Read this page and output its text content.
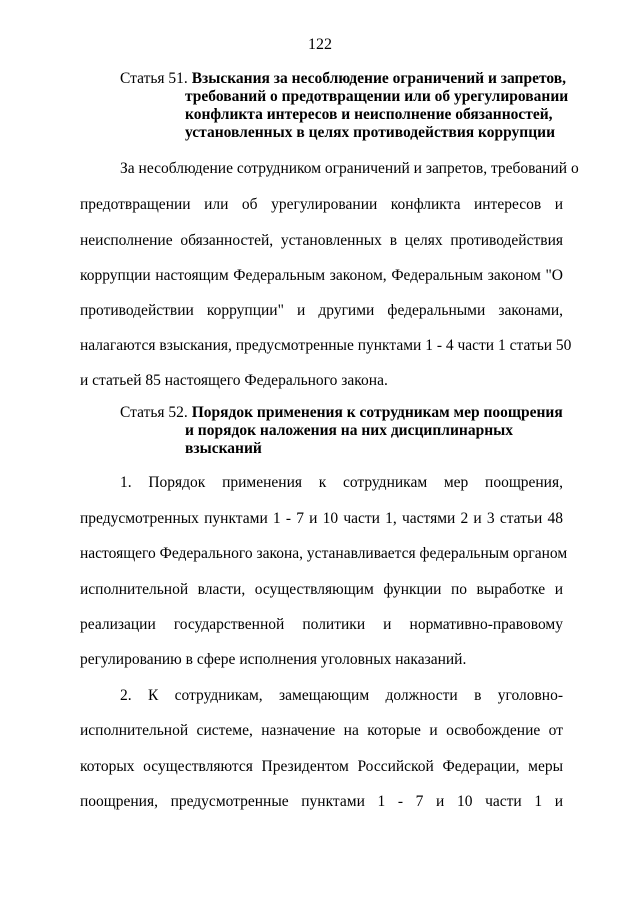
122
Статья 51. Взыскания за несоблюдение ограничений и запретов,
требований о предотвращении или об урегулировании
конфликта интересов и неисполнение обязанностей,
установленных в целях противодействия коррупции
За несоблюдение сотрудником ограничений и запретов, требований о
предотвращении или об урегулировании конфликта интересов и
неисполнение обязанностей, установленных в целях противодействия
коррупции настоящим Федеральным законом, Федеральным законом "О
противодействии коррупции" и другими федеральными законами,
налагаются взыскания, предусмотренные пунктами 1 - 4 части 1 статьи 50
и статьей 85 настоящего Федерального закона.
Статья 52. Порядок применения к сотрудникам мер поощрения
и порядок наложения на них дисциплинарных
взысканий
1. Порядок применения к сотрудникам мер поощрения,
предусмотренных пунктами 1 - 7 и 10 части 1, частями 2 и 3 статьи 48
настоящего Федерального закона, устанавливается федеральным органом
исполнительной власти, осуществляющим функции по выработке и
реализации государственной политики и нормативно-правовому
регулированию в сфере исполнения уголовных наказаний.
2. К сотрудникам, замещающим должности в уголовно-
исполнительной системе, назначение на которые и освобождение от
которых осуществляются Президентом Российской Федерации, меры
поощрения, предусмотренные пунктами 1 - 7 и 10 части 1 и
